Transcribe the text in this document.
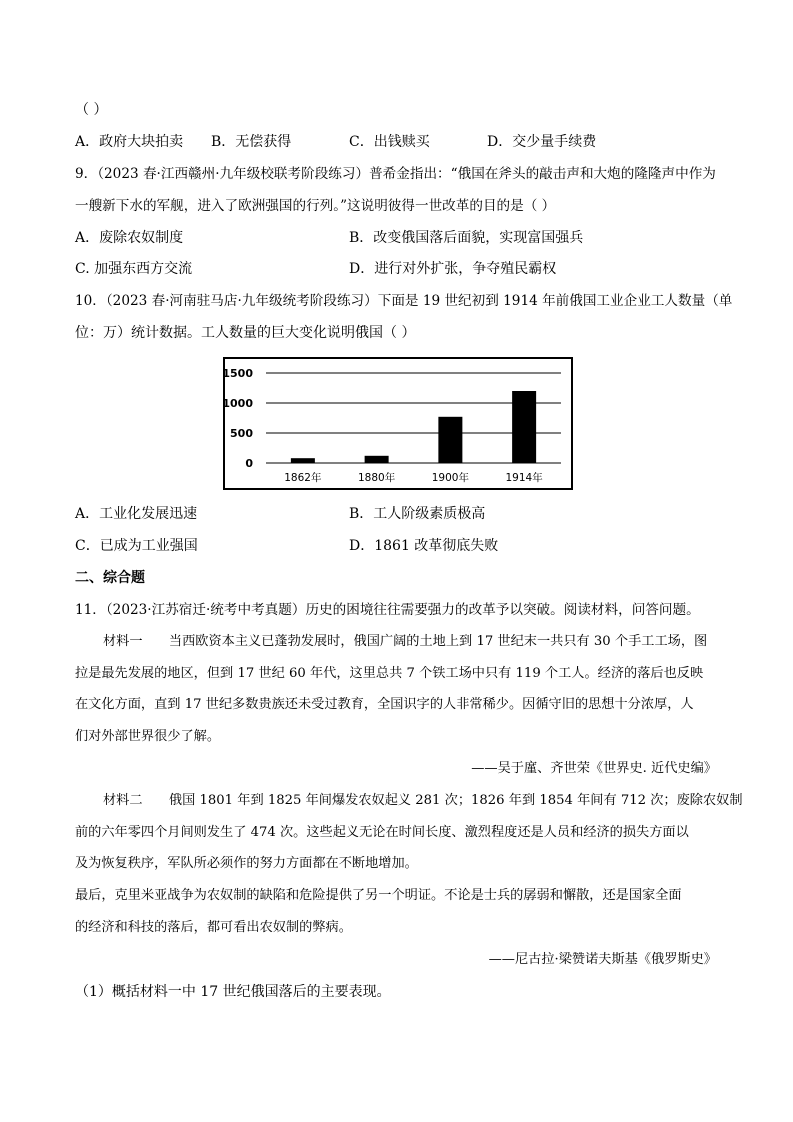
（ ）
A．政府大块拍卖 B．无偿获得	C．出钱赎买	D．交少量手续费
9．（2023 春·江西赣州·九年级校联考阶段练习）普希金指出：“俄国在斧头的敲击声和大炮的隆隆声中作为
一艘新下水的军舰，进入了欧洲强国的行列。”这说明彼得一世改革的目的是（ ）
A．废除农奴制度	B．改变俄国落后面貌，实现富国强兵
C. 加强东西方交流	D．进行对外扩张，争夺殖民霸权
10．（2023 春·河南驻马店·九年级统考阶段练习）下面是 19 世纪初到 1914 年前俄国工业企业工人数量（单
位：万）统计数据。工人数量的巨大变化说明俄国（ ）
0
500
1000
1500
1862年	1880年	1900年	1914年
A．工业化发展迅速	B．工人阶级素质极高
C．已成为工业强国	D．1861 改革彻底失败
二、综合题
11．（2023·江苏宿迁·统考中考真题）历史的困境往往需要强力的改革予以突破。阅读材料，问答问题。
材料一　　当西欧资本主义已蓬勃发展时，俄国广阔的土地上到 17 世纪末一共只有 30 个手工工场，图
拉是最先发展的地区，但到 17 世纪 60 年代，这里总共 7 个铁工场中只有 119 个工人。经济的落后也反映
在文化方面，直到 17 世纪多数贵族还未受过教育，全国识字的人非常稀少。因循守旧的思想十分浓厚，人
们对外部世界很少了解。
——吴于廑、齐世荣《世界史. 近代史编》
材料二　　俄国 1801 年到 1825 年间爆发农奴起义 281 次；1826 年到 1854 年间有 712 次；废除农奴制
前的六年零四个月间则发生了 474 次。这些起义无论在时间长度、激烈程度还是人员和经济的损失方面以
及为恢复秩序，军队所必须作的努力方面都在不断地增加。
最后，克里米亚战争为农奴制的缺陷和危险提供了另一个明证。不论是士兵的孱弱和懈散，还是国家全面
的经济和科技的落后，都可看出农奴制的弊病。
——尼古拉·梁赞诺夫斯基《俄罗斯史》
（1）概括材料一中 17 世纪俄国落后的主要表现。
